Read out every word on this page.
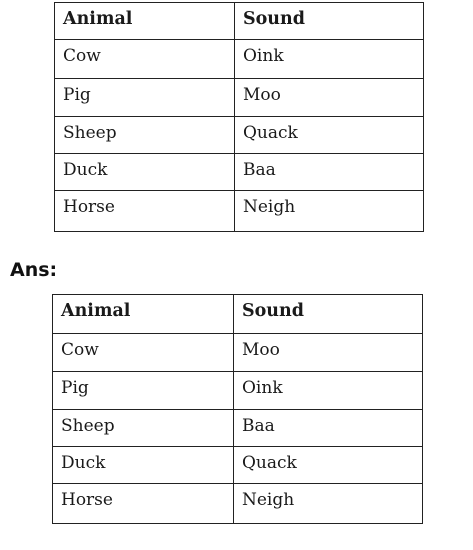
Animal	Sound
Cow	Oink
Pig	Moo
Sheep	Quack
Duck	Baa
Horse	Neigh
Ans:
Animal	Sound
Cow	Moo
Pig	Oink
Sheep	Baa
Duck	Quack
Horse	Neigh
